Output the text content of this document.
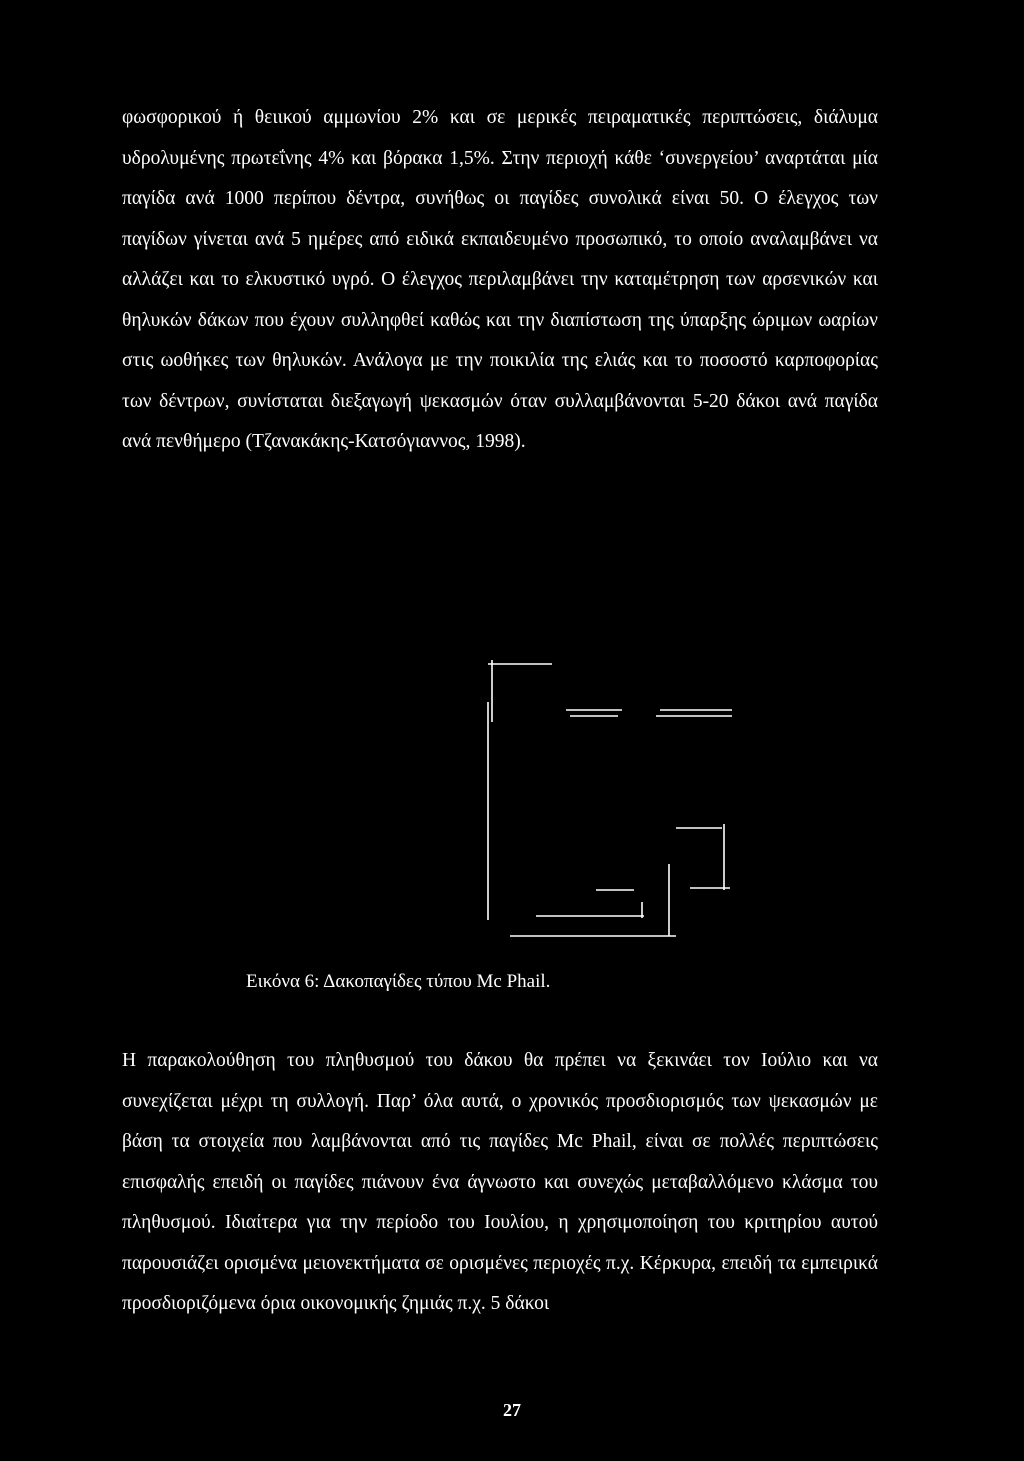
φωσφορικού ή θειικού αμμωνίου 2% και σε μερικές πειραματικές περιπτώσεις, διάλυμα υδρολυμένης πρωτεΐνης 4% και βόρακα 1,5%. Στην περιοχή κάθε ‘συνεργείου’ αναρτάται μία παγίδα ανά 1000 περίπου δέντρα, συνήθως οι παγίδες συνολικά είναι 50. Ο έλεγχος των παγίδων γίνεται ανά 5 ημέρες από ειδικά εκπαιδευμένο προσωπικό, το οποίο αναλαμβάνει να αλλάζει και το ελκυστικό υγρό. Ο έλεγχος περιλαμβάνει την καταμέτρηση των αρσενικών και θηλυκών δάκων που έχουν συλληφθεί καθώς και την διαπίστωση της ύπαρξης ώριμων ωαρίων στις ωοθήκες των θηλυκών. Ανάλογα με την ποικιλία της ελιάς και το ποσοστό καρποφορίας των δέντρων, συνίσταται διεξαγωγή ψεκασμών όταν συλλαμβάνονται 5-20 δάκοι ανά παγίδα ανά πενθήμερο (Τζανακάκης-Κατσόγιαννος, 1998).

Εικόνα 6: Δακοπαγίδες τύπου Mc Phail.

Η παρακολούθηση του πληθυσμού του δάκου θα πρέπει να ξεκινάει τον Ιούλιο και να συνεχίζεται μέχρι τη συλλογή. Παρ’ όλα αυτά, ο χρονικός προσδιορισμός των ψεκασμών με βάση τα στοιχεία που λαμβάνονται από τις παγίδες Mc Phail, είναι σε πολλές περιπτώσεις επισφαλής επειδή οι παγίδες πιάνουν ένα άγνωστο και συνεχώς μεταβαλλόμενο κλάσμα του πληθυσμού. Ιδιαίτερα για την περίοδο του Ιουλίου, η χρησιμοποίηση του κριτηρίου αυτού παρουσιάζει ορισμένα μειονεκτήματα σε ορισμένες περιοχές π.χ. Κέρκυρα, επειδή τα εμπειρικά προσδιοριζόμενα όρια οικονομικής ζημιάς π.χ. 5 δάκοι

27
